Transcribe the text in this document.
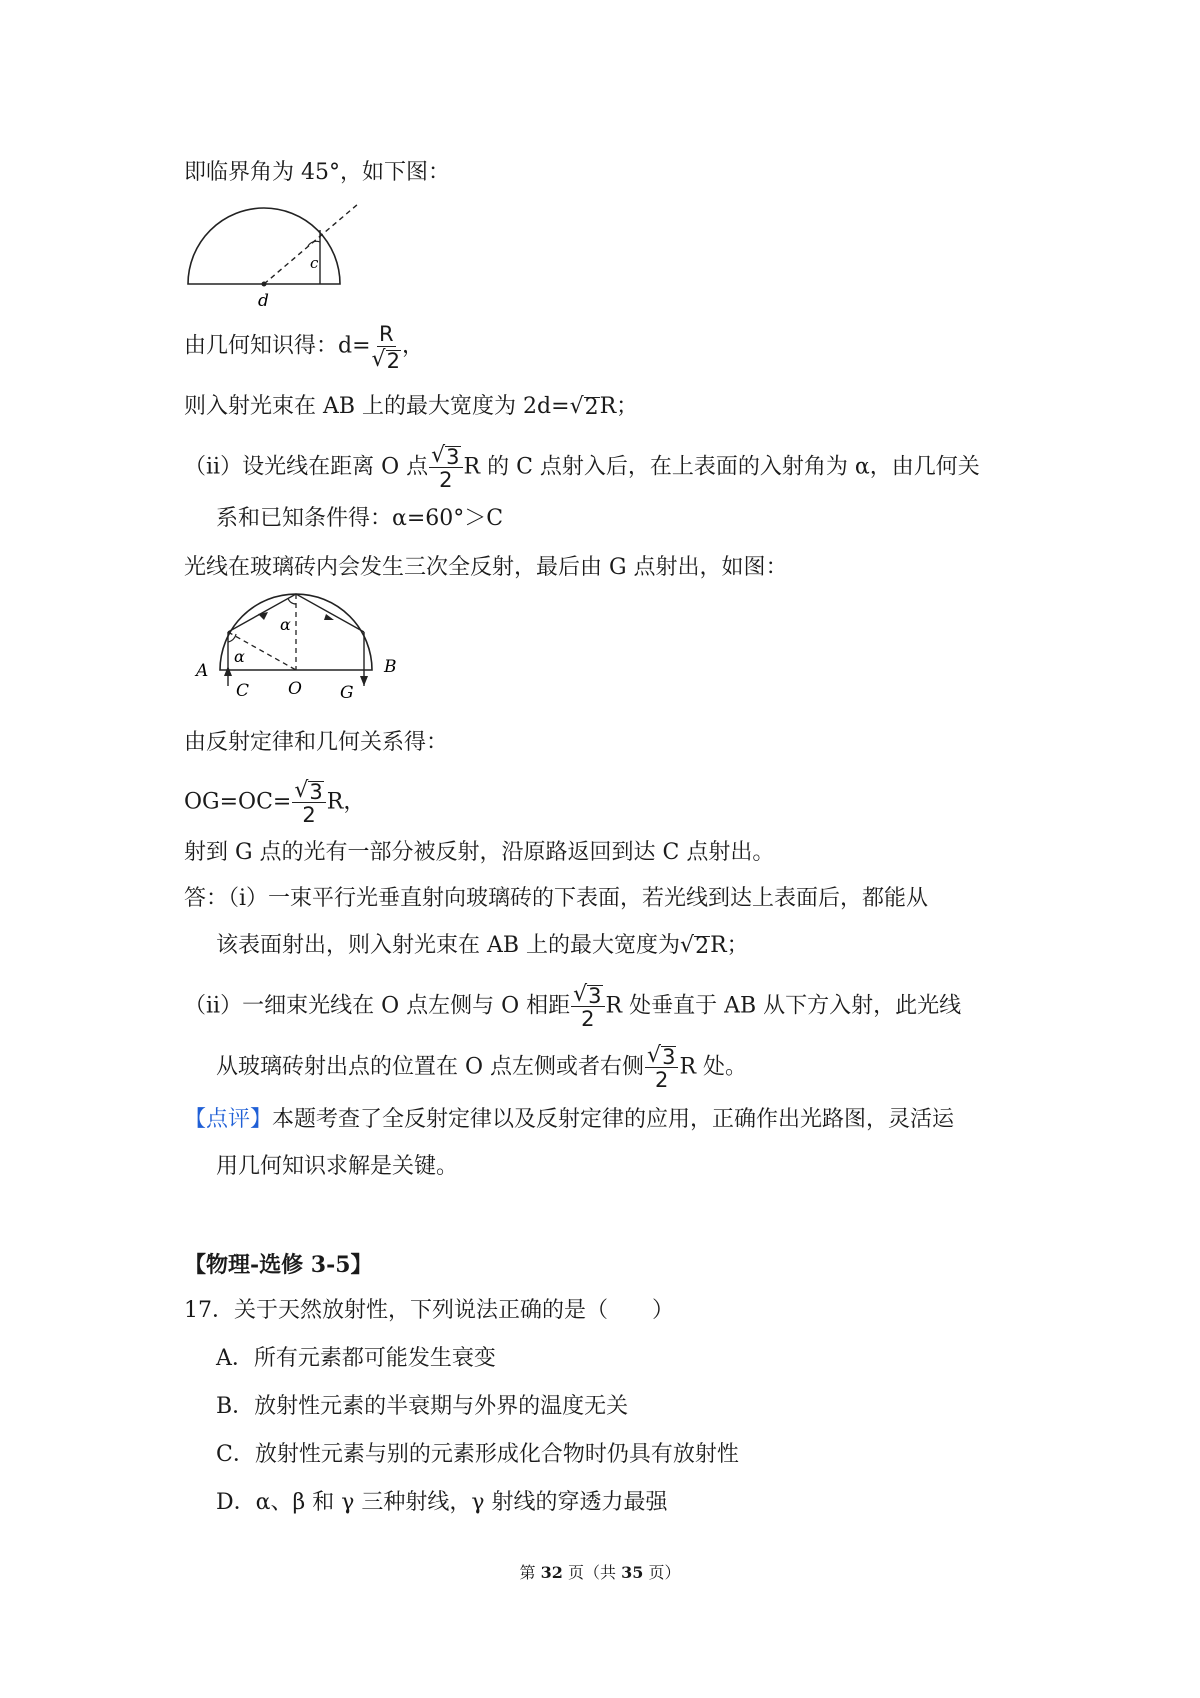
即临界角为 45°，如下图：
c
d
由几何知识得：$d= \frac{R}{√ 2}$ ，
则入射光束在 AB 上的最大宽度为 2d= √ 2 R；
（ii）设光线在距离 O 点 $\frac{√ 3}{2}$ R 的 C 点射入后，在上表面的入射角为 α，由几何关
系和已知条件得：α=60°＞C
光线在玻璃砖内会发生三次全反射，最后由 G 点射出，如图：
α
α
A	B
C O G
由反射定律和几何关系得：
$OG=OC= \frac{√ 3}{2}$ R，
射到 G 点的光有一部分被反射，沿原路返回到达 C 点射出。
答：（i）一束平行光垂直射向玻璃砖的下表面，若光线到达上表面后，都能从
该表面射出，则入射光束在 AB 上的最大宽度为 √ 2 R；
（ii）一细束光线在 O 点左侧与 O 相距 $\frac{√ 3}{2}$ R 处垂直于 AB 从下方入射，此光线
从玻璃砖射出点的位置在 O 点左侧或者右侧 $\frac{√ 3}{2}$ R 处。
【点评】本题考查了全反射定律以及反射定律的应用，正确作出光路图，灵活运
用几何知识求解是关键。
【物理-选修 3-5】
17．关于天然放射性，下列说法正确的是（　　）
A．所有元素都可能发生衰变
B．放射性元素的半衰期与外界的温度无关
C．放射性元素与别的元素形成化合物时仍具有放射性
D．α、β 和 γ 三种射线，γ 射线的穿透力最强
第 32 页（共 35 页）
